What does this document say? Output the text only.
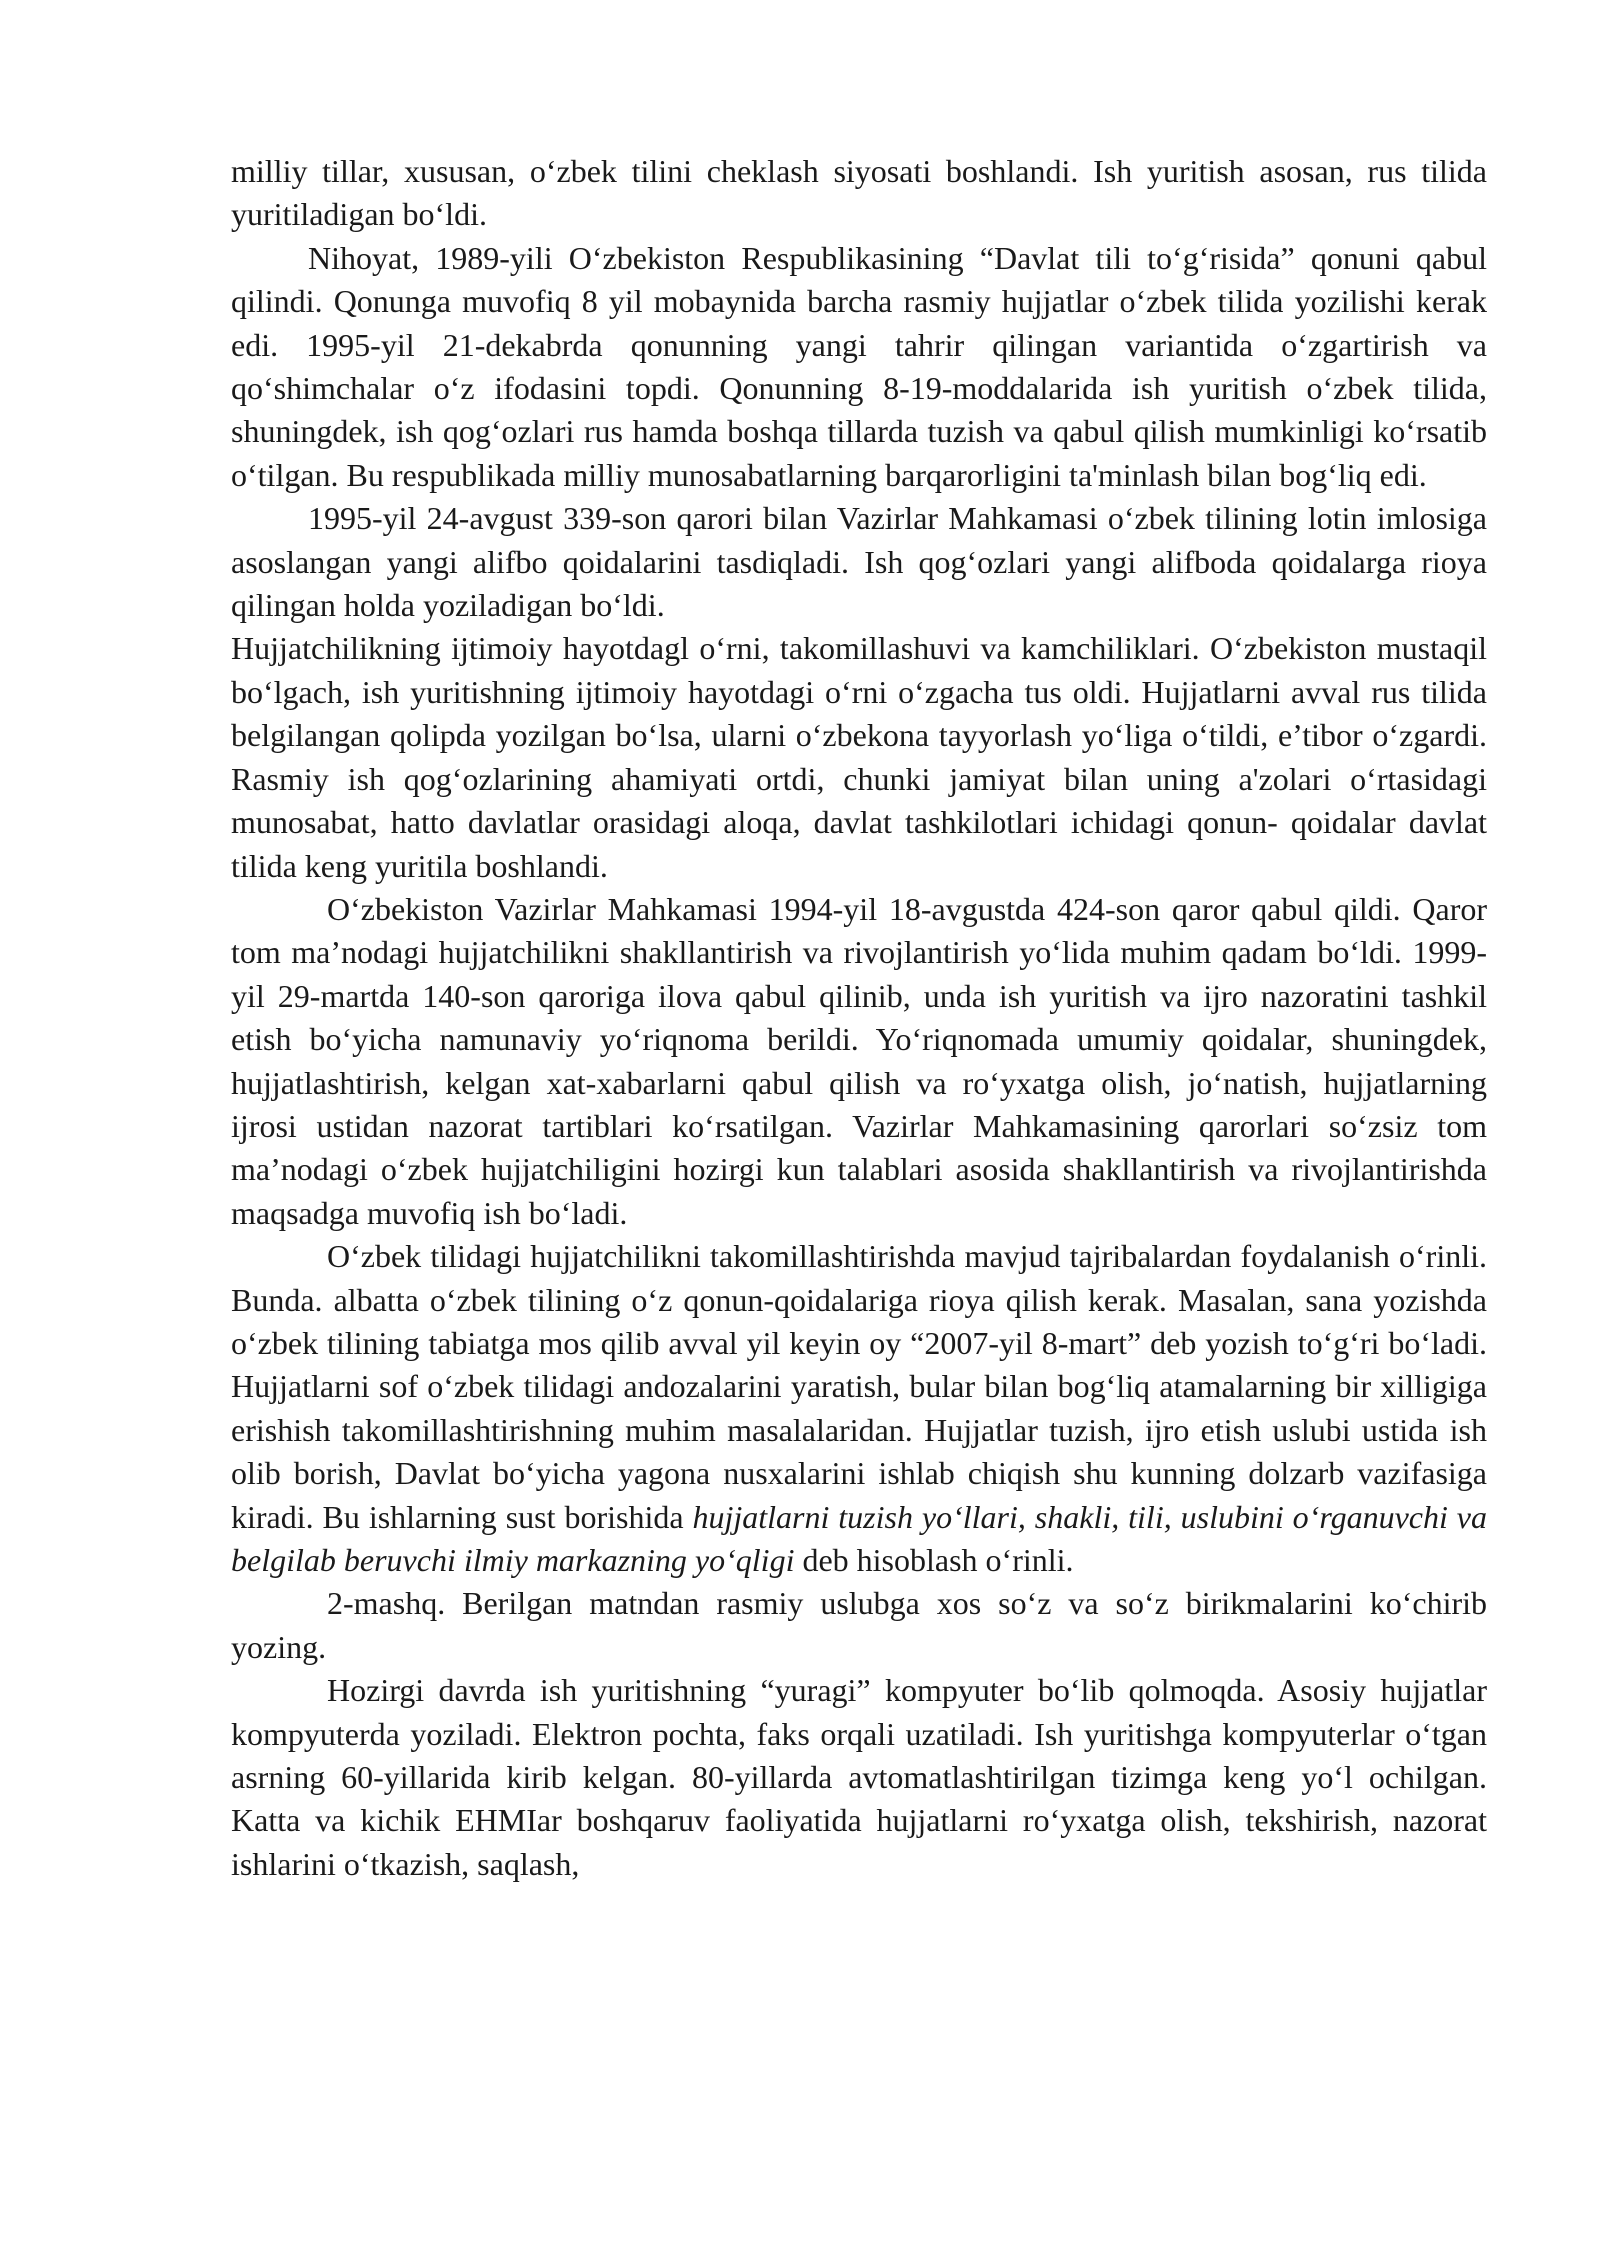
milliy tillar, xususan, o‘zbek tilini cheklash siyosati boshlandi. Ish yuritish asosan, rus tilida yuritiladigan bo‘ldi.

Nihoyat, 1989-yili O‘zbekiston Respublikasining “Davlat tili to‘g‘risida” qonuni qabul qilindi. Qonunga muvofiq 8 yil mobaynida barcha rasmiy hujjatlar o‘zbek tilida yozilishi kerak edi. 1995-yil 21-dekabrda qonunning yangi tahrir qilingan variantida o‘zgartirish va qo‘shimchalar o‘z ifodasini topdi. Qonunning 8-19-moddalarida ish yuritish o‘zbek tilida, shuningdek, ish qog‘ozlari rus hamda boshqa tillarda tuzish va qabul qilish mumkinligi ko‘rsatib o‘tilgan. Bu respublikada milliy munosabatlarning barqarorligini ta'minlash bilan bog‘liq edi.

1995-yil 24-avgust 339-son qarori bilan Vazirlar Mahkamasi o‘zbek tilining lotin imlosiga asoslangan yangi alifbo qoidalarini tasdiqladi. Ish qog‘ozlari yangi alifboda qoidalarga rioya qilingan holda yoziladigan bo‘ldi.

Hujjatchilikning ijtimoiy hayotdagl o‘rni, takomillashuvi va kamchiliklari. O‘zbekiston mustaqil bo‘lgach, ish yuritishning ijtimoiy hayotdagi o‘rni o‘zgacha tus oldi. Hujjatlarni avval rus tilida belgilangan qolipda yozilgan bo‘lsa, ularni o‘zbekona tayyorlash yo‘liga o‘tildi, e’tibor o‘zgardi. Rasmiy ish qog‘ozlarining ahamiyati ortdi, chunki jamiyat bilan uning a'zolari o‘rtasidagi munosabat, hatto davlatlar orasidagi aloqa, davlat tashkilotlari ichidagi qonun- qoidalar davlat tilida keng yuritila boshlandi.

O‘zbekiston Vazirlar Mahkamasi 1994-yil 18-avgustda 424-son qaror qabul qildi. Qaror tom ma’nodagi hujjatchilikni shakllantirish va rivojlantirish yo‘lida muhim qadam bo‘ldi. 1999- yil 29-martda 140-son qaroriga ilova qabul qilinib, unda ish yuritish va ijro nazoratini tashkil etish bo‘yicha namunaviy yo‘riqnoma berildi. Yo‘riqnomada umumiy qoidalar, shuningdek, hujjatlashtirish, kelgan xat-xabarlarni qabul qilish va ro‘yxatga olish, jo‘natish, hujjatlarning ijrosi ustidan nazorat tartiblari ko‘rsatilgan. Vazirlar Mahkamasining qarorlari so‘zsiz tom ma’nodagi o‘zbek hujjatchiligini hozirgi kun talablari asosida shakllantirish va rivojlantirishda maqsadga muvofiq ish bo‘ladi.

O‘zbek tilidagi hujjatchilikni takomillashtirishda mavjud tajribalardan foydalanish o‘rinli. Bunda. albatta o‘zbek tilining o‘z qonun-qoidalariga rioya qilish kerak. Masalan, sana yozishda o‘zbek tilining tabiatga mos qilib avval yil keyin oy “2007-yil 8-mart” deb yozish to‘g‘ri bo‘ladi. Hujjatlarni sof o‘zbek tilidagi andozalarini yaratish, bular bilan bog‘liq atamalarning bir xilligiga erishish takomillashtirishning muhim masalalaridan. Hujjatlar tuzish, ijro etish uslubi ustida ish olib borish, Davlat bo‘yicha yagona nusxalarini ishlab chiqish shu kunning dolzarb vazifasiga kiradi. Bu ishlarning sust borishida hujjatlarni tuzish yo‘llari, shakli, tili, uslubini o‘rganuvchi va belgilab beruvchi ilmiy markazning yo‘qligi deb hisoblash o‘rinli.

2-mashq. Berilgan matndan rasmiy uslubga xos so‘z va so‘z birikmalarini ko‘chirib yozing.

Hozirgi davrda ish yuritishning “yuragi” kompyuter bo‘lib qolmoqda. Asosiy hujjatlar kompyuterda yoziladi. Elektron pochta, faks orqali uzatiladi. Ish yuritishga kompyuterlar o‘tgan asrning 60-yillarida kirib kelgan. 80-yillarda avtomatlashtirilgan tizimga keng yo‘l ochilgan. Katta va kichik EHMIar boshqaruv faoliyatida hujjatlarni ro‘yxatga olish, tekshirish, nazorat ishlarini o‘tkazish, saqlash,
